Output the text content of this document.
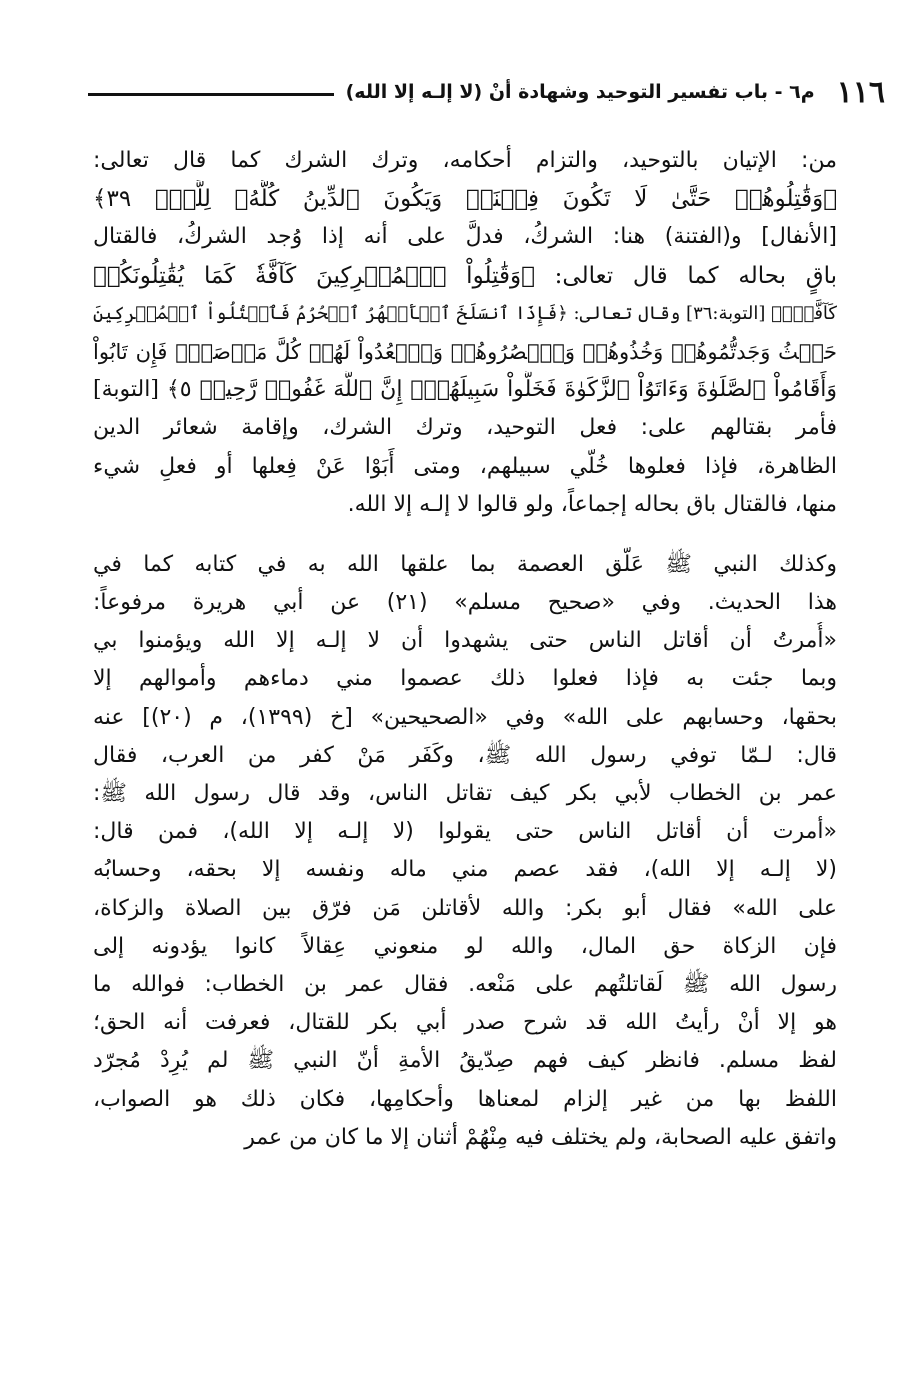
١١٦
م٦ - باب تفسير التوحيد وشهادة أنْ (لا إلـه إلا الله)
من: الإتيان بالتوحيد، والتزام أحكامه، وترك الشرك كما قال تعالى:
﴿وَقَٰتِلُوهُمۡ حَتَّىٰ لَا تَكُونَ فِتۡنَةٞ وَيَكُونَ ٱلدِّينُ كُلُّهُۥ لِلَّهِۚ ٣٩﴾
[الأنفال] و(الفتنة) هنا: الشركُ، فدلَّ على أنه إذا وُجد الشركُ، فالقتال
باقٍ بحاله كما قال تعالى: ﴿وَقَٰتِلُواْ ٱلۡمُشۡرِكِينَ كَآفَّةٗ كَمَا يُقَٰتِلُونَكُمۡ
كَآفَّةٗۚ﴾ [التوبة:٣٦] وقال تعالى: ﴿فَإِذَا ٱنسَلَخَ ٱلۡأَشۡهُرُ ٱلۡحُرُمُ فَٱقۡتُلُواْ ٱلۡمُشۡرِكِينَ
حَيۡثُ وَجَدتُّمُوهُمۡ وَخُذُوهُمۡ وَٱحۡصُرُوهُمۡ وَٱقۡعُدُواْ لَهُمۡ كُلَّ مَرۡصَدٖۚ فَإِن تَابُواْ
وَأَقَامُواْ ٱلصَّلَوٰةَ وَءَاتَوُاْ ٱلزَّكَوٰةَ فَخَلُّواْ سَبِيلَهُمۡۚ إِنَّ ٱللَّهَ غَفُورٞ رَّحِيمٞ ٥﴾ [التوبة]
فأمر بقتالهم على: فعل التوحيد، وترك الشرك، وإقامة شعائر الدين
الظاهرة، فإذا فعلوها خُلّي سبيلهم، ومتى أَبَوْا عَنْ فِعلها أو فعلِ شيء
منها، فالقتال باق بحاله إجماعاً، ولو قالوا لا إلـه إلا الله.
وكذلك النبي ﷺ عَلّق العصمة بما علقها الله به في كتابه كما في
هذا الحديث. وفي «صحيح مسلم» (٢١) عن أبي هريرة مرفوعاً:
«أُمرتُ أن أقاتل الناس حتى يشهدوا أن لا إلـه إلا الله ويؤمنوا بي
وبما جئت به فإذا فعلوا ذلك عصموا مني دماءهم وأموالهم إلا
بحقها، وحسابهم على الله» وفي «الصحيحين» [خ (١٣٩٩)، م (٢٠)] عنه
قال: لـمّا توفي رسول الله ﷺ، وكَفَر مَنْ كفر من العرب، فقال
عمر بن الخطاب لأبي بكر كيف تقاتل الناس، وقد قال رسول الله ﷺ:
«أمرت أن أقاتل الناس حتى يقولوا (لا إلـه إلا الله)، فمن قال:
(لا إلـه إلا الله)، فقد عصم مني ماله ونفسه إلا بحقه، وحسابُه
على الله» فقال أبو بكر: والله لأقاتلن مَن فرّق بين الصلاة والزكاة،
فإن الزكاة حق المال، والله لو منعوني عِقالاً كانوا يؤدونه إلى
رسول الله ﷺ لَقاتلتُهم على مَنْعه. فقال عمر بن الخطاب: فوالله ما
هو إلا أنْ رأيتُ الله قد شرح صدر أبي بكر للقتال، فعرفت أنه الحق؛
لفظ مسلم. فانظر كيف فهم صِدّيقُ الأمةِ أنّ النبي ﷺ لم يُرِدْ مُجرّد
اللفظ بها من غير إلزام لمعناها وأحكامِها، فكان ذلك هو الصواب،
واتفق عليه الصحابة، ولم يختلف فيه مِنْهُمْ أثنان إلا ما كان من عمر
